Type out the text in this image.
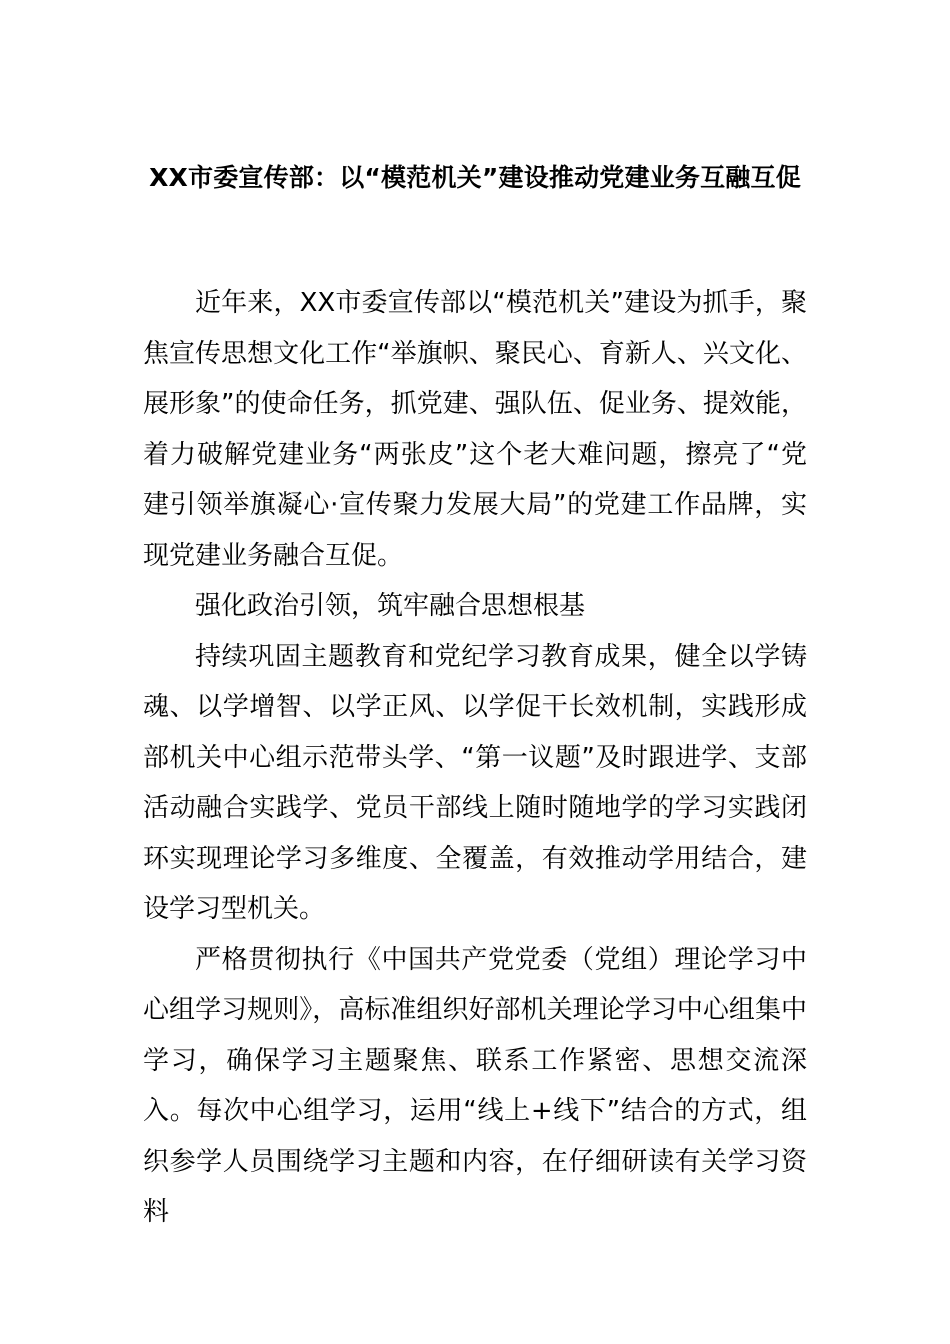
XX市委宣传部：以“模范机关”建设推动党建业务互融互促

近年来，XX市委宣传部以“模范机关”建设为抓手，聚焦宣传思想文化工作“举旗帜、聚民心、育新人、兴文化、展形象”的使命任务，抓党建、强队伍、促业务、提效能，着力破解党建业务“两张皮”这个老大难问题，擦亮了“党建引领举旗凝心·宣传聚力发展大局”的党建工作品牌，实现党建业务融合互促。

强化政治引领，筑牢融合思想根基

持续巩固主题教育和党纪学习教育成果，健全以学铸魂、以学增智、以学正风、以学促干长效机制，实践形成部机关中心组示范带头学、“第一议题”及时跟进学、支部活动融合实践学、党员干部线上随时随地学的学习实践闭环实现理论学习多维度、全覆盖，有效推动学用结合，建设学习型机关。

严格贯彻执行《中国共产党党委（党组）理论学习中心组学习规则》，高标准组织好部机关理论学习中心组集中学习，确保学习主题聚焦、联系工作紧密、思想交流深入。每次中心组学习，运用“线上+线下”结合的方式，组织参学人员围绕学习主题和内容，在仔细研读有关学习资料
